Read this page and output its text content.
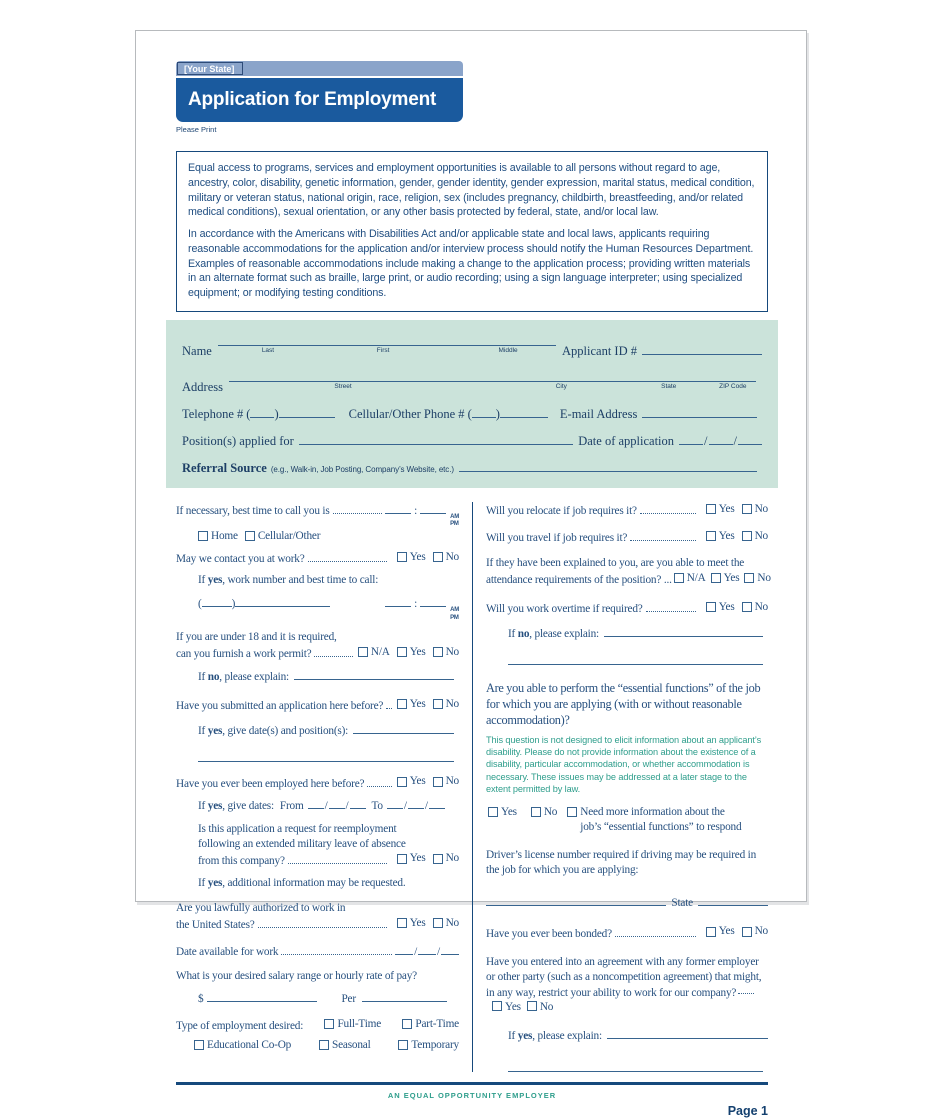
[Your State]
Application for Employment
Please Print

Equal access to programs, services and employment opportunities is available to all persons without regard to age, ancestry, color, disability, genetic information, gender, gender identity, gender expression, marital status, medical condition, military or veteran status, national origin, race, religion, sex (includes pregnancy, childbirth, breastfeeding, and/or related medical conditions), sexual orientation, or any other basis protected by federal, state, and/or local law.

In accordance with the Americans with Disabilities Act and/or applicable state and local laws, applicants requiring reasonable accommodations for the application and/or interview process should notify the Human Resources Department. Examples of reasonable accommodations include making a change to the application process; providing written materials in an alternate format such as braille, large print, or audio recording; using a sign language interpreter; using specialized equipment; or modifying testing conditions.

Name	Last	First	Middle	Applicant ID #
Address	Street	City	State	ZIP Code
Telephone # ( )	Cellular/Other Phone # ( )	E-mail Address
Position(s) applied for	Date of application / /
Referral Source (e.g., Walk-in, Job Posting, Company’s Website, etc.)
If necessary, best time to call you is	:	AM
PM
Home Cellular/Other
May we contact you at work?	Yes No
If yes, work number and best time to call:
(	)	:	AM
PM
If you are under 18 and it is required,
can you furnish a work permit?	N/A Yes No
If no, please explain:
Have you submitted an application here before? Yes No
If yes, give date(s) and position(s):
Have you ever been employed here before?	Yes No
If yes, give dates: From / / To / /
Is this application a request for reemployment
following an extended military leave of absence
from this company?	Yes No
If yes, additional information may be requested.
Are you lawfully authorized to work in
the United States?	Yes No
Date available for work	/ /
What is your desired salary range or hourly rate of pay?
$	Per
Type of employment desired:	Full-Time	Part-Time
Educational Co-Op	Seasonal	Temporary
Will you relocate if job requires it?	Yes No
Will you travel if job requires it?	Yes No
If they have been explained to you, are you able to meet the
attendance requirements of the position? ... N/A Yes No
Will you work overtime if required?	Yes No
If no, please explain:
Are you able to perform the “essential functions” of the job for which you are applying (with or without reasonable accommodation)?
This question is not designed to elicit information about an applicant’s disability. Please do not provide information about the existence of a disability, particular accommodation, or whether accommodation is necessary. These issues may be addressed at a later stage to the extent permitted by law.
Yes No Need more information about the
job’s “essential functions” to respond
Driver’s license number required if driving may be required in the job for which you are applying:
State
Have you ever been bonded?	Yes No
Have you entered into an agreement with any former employer or other party (such as a noncompetition agreement) that might, in any way, restrict your ability to work for our company?Yes No
If yes, please explain:
AN EQUAL OPPORTUNITY EMPLOYER
Page 1
